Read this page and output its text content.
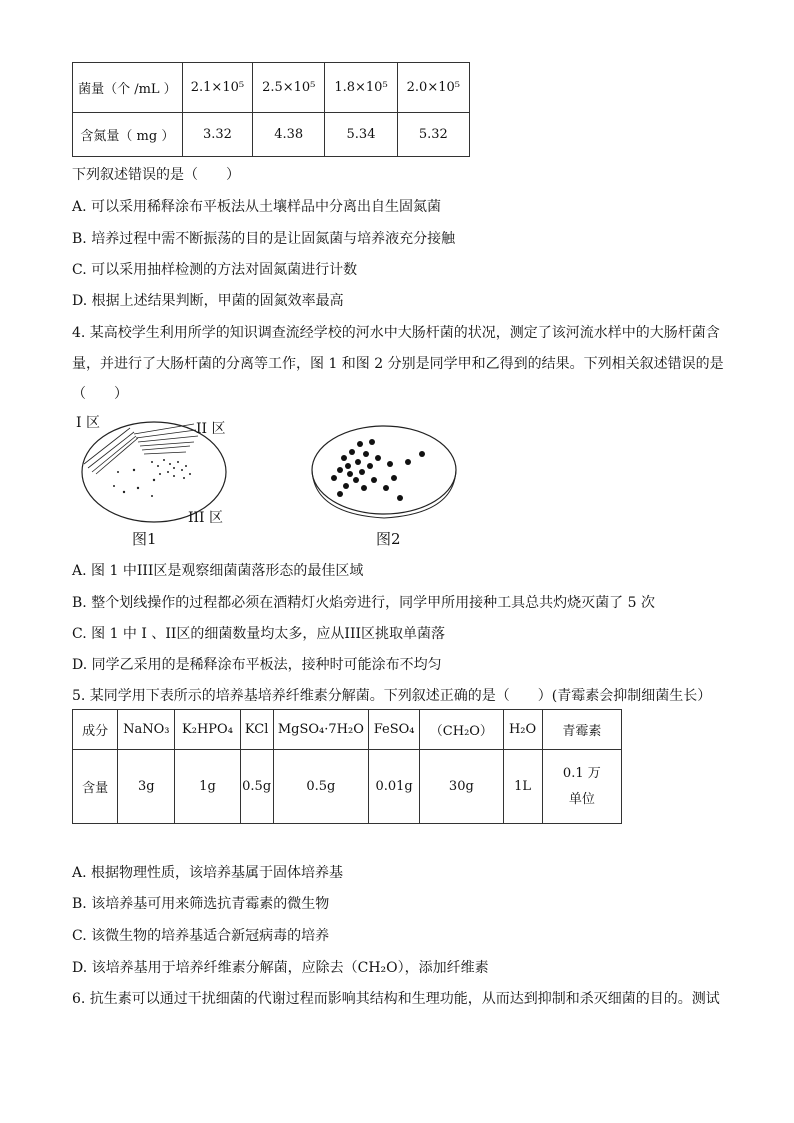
菌量（个 /mL ）	2.1×10⁵	2.5×10⁵	1.8×10⁵	2.0×10⁵
含氮量（ mg ）	3.32	4.38	5.34	5.32
下列叙述错误的是（　　）
A. 可以采用稀释涂布平板法从土壤样品中分离出自生固氮菌
B. 培养过程中需不断振荡的目的是让固氮菌与培养液充分接触
C. 可以采用抽样检测的方法对固氮菌进行计数
D. 根据上述结果判断，甲菌的固氮效率最高
4. 某高校学生利用所学的知识调查流经学校的河水中大肠杆菌的状况，测定了该河流水样中的大肠杆菌含
量，并进行了大肠杆菌的分离等工作，图 1 和图 2 分别是同学甲和乙得到的结果。下列相关叙述错误的是
（　　）
I 区	II 区
III 区
图1	图2
A. 图 1 中III区是观察细菌菌落形态的最佳区域
B. 整个划线操作的过程都必须在酒精灯火焰旁进行，同学甲所用接种工具总共灼烧灭菌了 5 次
C. 图 1 中 I 、II区的细菌数量均太多，应从III区挑取单菌落
D. 同学乙采用的是稀释涂布平板法，接种时可能涂布不均匀
5. 某同学用下表所示的培养基培养纤维素分解菌。下列叙述正确的是（　　）(青霉素会抑制细菌生长）
成分	NaNO₃	K₂HPO₄	KCl	MgSO₄·7H₂O	FeSO₄	（CH₂O）	H₂O	青霉素
含量	3g	1g	0.5g	0.5g	0.01g	30g	1L	0.1 万单位
A. 根据物理性质，该培养基属于固体培养基
B. 该培养基可用来筛选抗青霉素的微生物
C. 该微生物的培养基适合新冠病毒的培养
D. 该培养基用于培养纤维素分解菌，应除去（CH₂O），添加纤维素
6. 抗生素可以通过干扰细菌的代谢过程而影响其结构和生理功能，从而达到抑制和杀灭细菌的目的。测试
